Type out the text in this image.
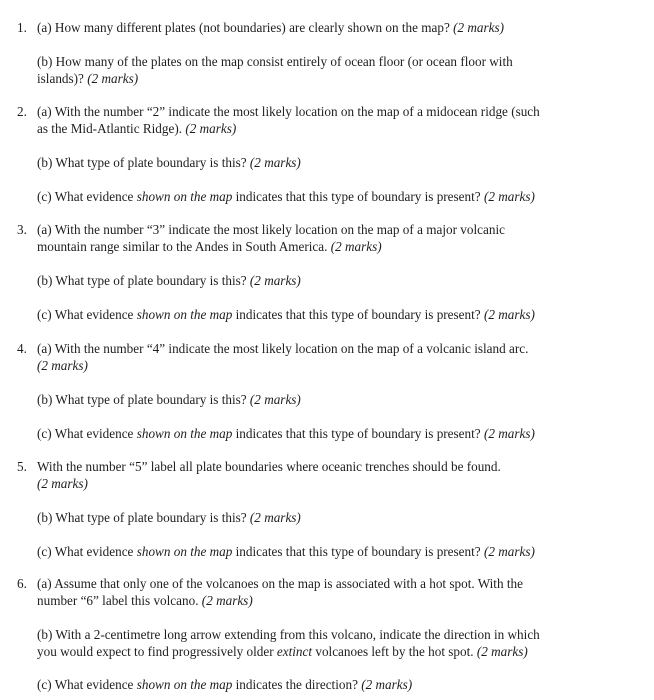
1. (a) How many different plates (not boundaries) are clearly shown on the map? (2 marks)
(b) How many of the plates on the map consist entirely of ocean floor (or ocean floor with
islands)? (2 marks)
2. (a) With the number “2” indicate the most likely location on the map of a midocean ridge (such
as the Mid-Atlantic Ridge). (2 marks)
(b) What type of plate boundary is this? (2 marks)
(c) What evidence shown on the map indicates that this type of boundary is present? (2 marks)
3. (a) With the number “3” indicate the most likely location on the map of a major volcanic
mountain range similar to the Andes in South America. (2 marks)
(b) What type of plate boundary is this? (2 marks)
(c) What evidence shown on the map indicates that this type of boundary is present? (2 marks)
4. (a) With the number “4” indicate the most likely location on the map of a volcanic island arc.
(2 marks)
(b) What type of plate boundary is this? (2 marks)
(c) What evidence shown on the map indicates that this type of boundary is present? (2 marks)
5. With the number “5” label all plate boundaries where oceanic trenches should be found.
(2 marks)
(b) What type of plate boundary is this? (2 marks)
(c) What evidence shown on the map indicates that this type of boundary is present? (2 marks)
6. (a) Assume that only one of the volcanoes on the map is associated with a hot spot. With the
number “6” label this volcano. (2 marks)
(b) With a 2-centimetre long arrow extending from this volcano, indicate the direction in which
you would expect to find progressively older extinct volcanoes left by the hot spot. (2 marks)
(c) What evidence shown on the map indicates the direction? (2 marks)
